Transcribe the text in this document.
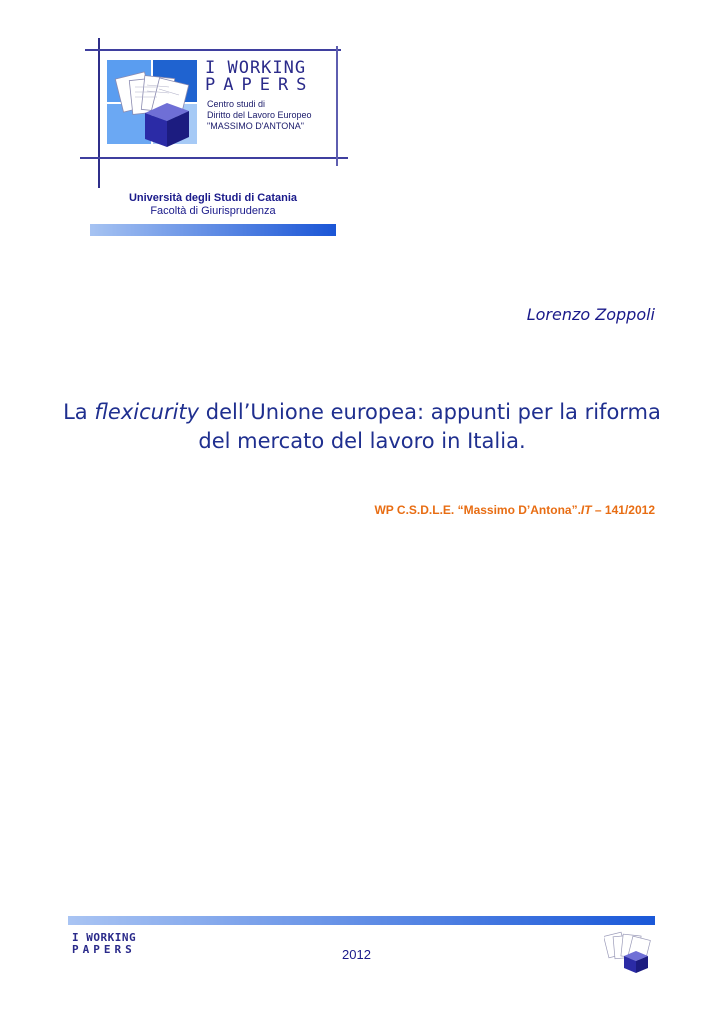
I WORKING
PAPERS
Centro studi di
Diritto del Lavoro Europeo
"MASSIMO D'ANTONA"
Università degli Studi di Catania
Facoltà di Giurisprudenza
Lorenzo Zoppoli
La flexicurity dell’Unione europea: appunti per la riforma del mercato del lavoro in Italia.
WP C.S.D.L.E. “Massimo D’Antona”.IT – 141/2012
I WORKING
PAPERS	2012
